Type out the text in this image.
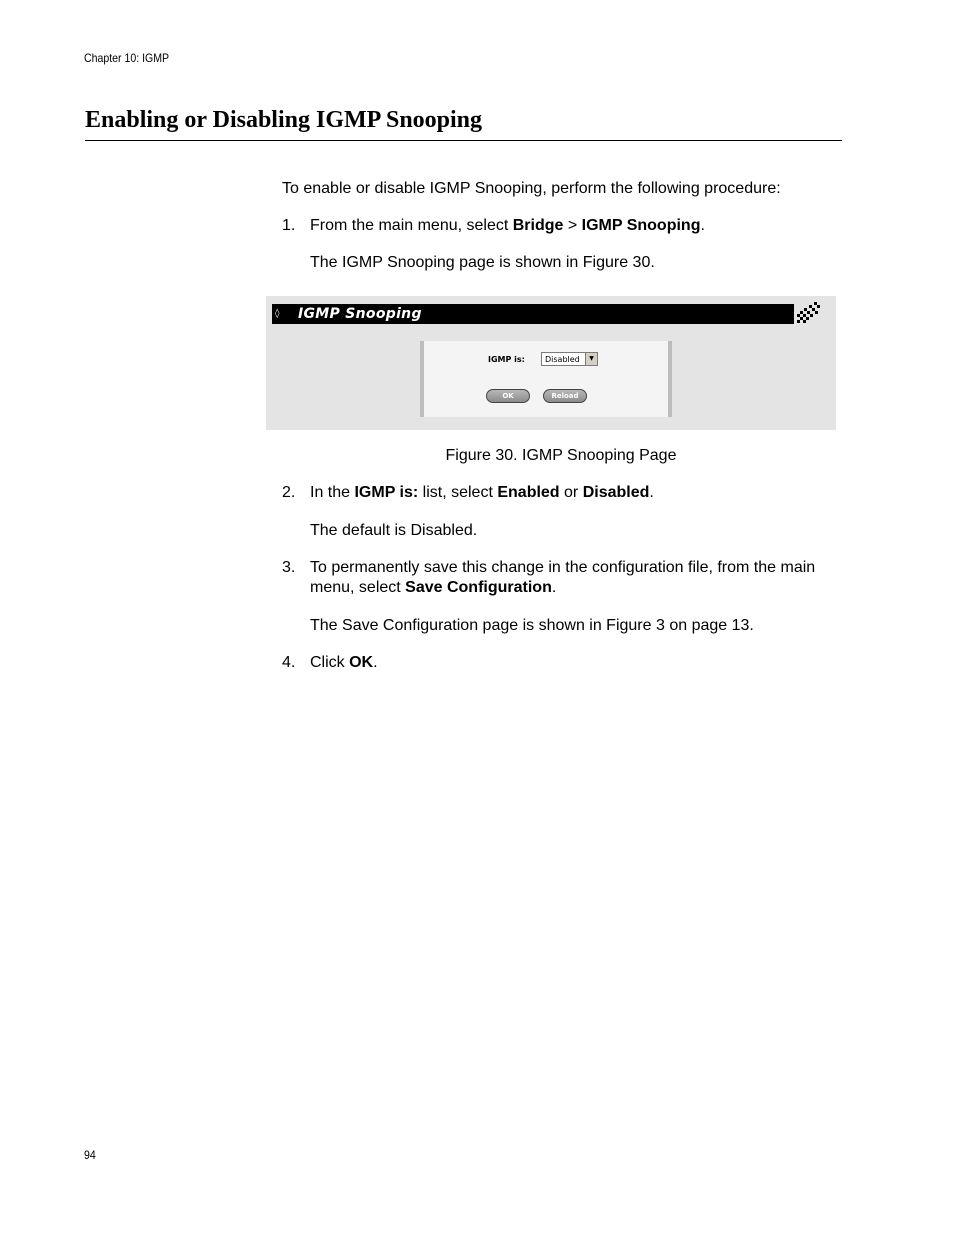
Chapter 10: IGMP
Enabling or Disabling IGMP Snooping
To enable or disable IGMP Snooping, perform the following procedure:
1. From the main menu, select Bridge > IGMP Snooping.
The IGMP Snooping page is shown in Figure 30.
◊ IGMP Snooping
IGMP is:	Disabled	▼
OK	Reload
Figure 30. IGMP Snooping Page
2. In the IGMP is: list, select Enabled or Disabled.
The default is Disabled.
3. To permanently save this change in the configuration file, from the main menu, select Save Configuration.
The Save Configuration page is shown in Figure 3 on page 13.
4. Click OK.
94
